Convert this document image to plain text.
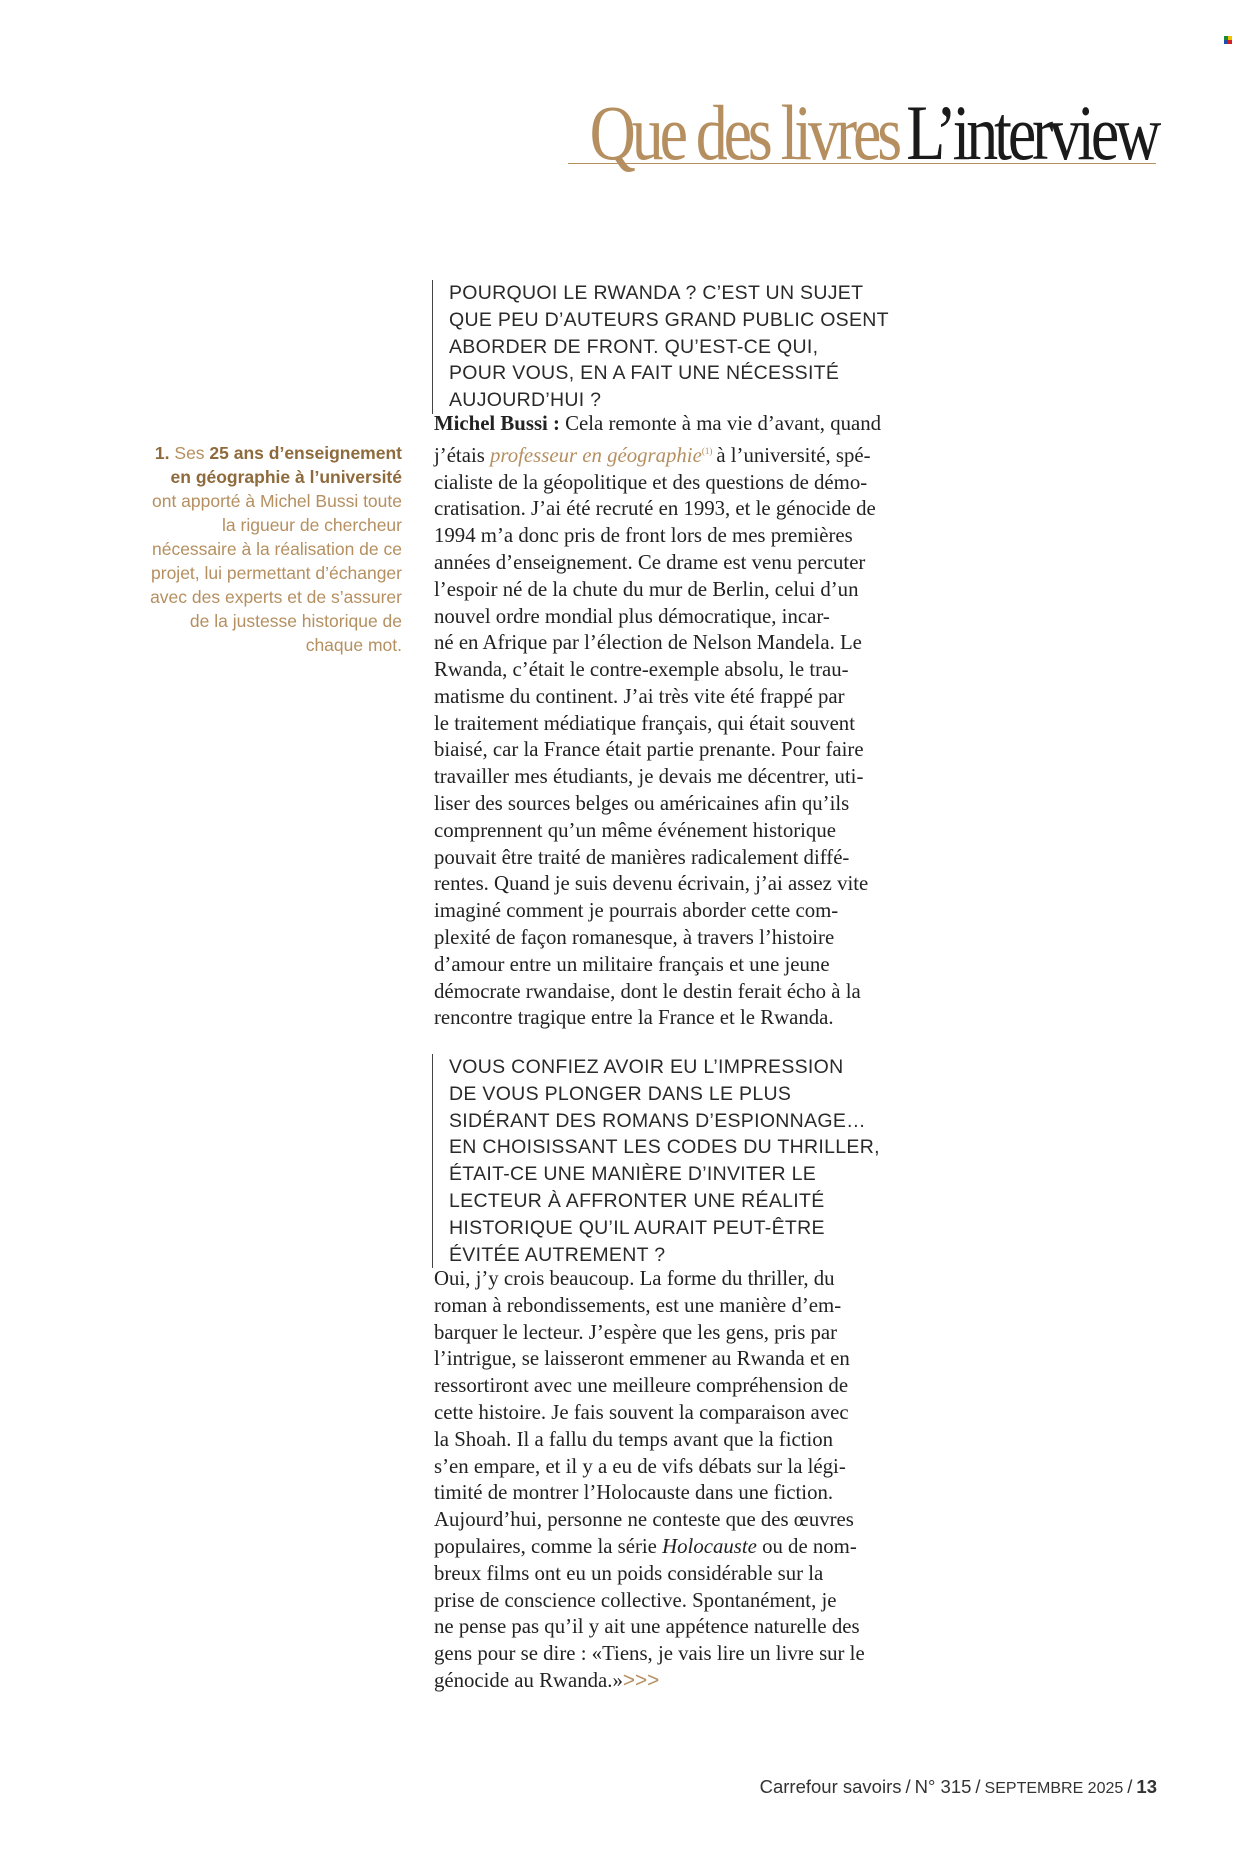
Que des livres L’interview
1. Ses 25 ans d’enseignement en géographie à l’université
ont apporté à Michel Bussi toute la rigueur de chercheur nécessaire à la réalisation de ce projet, lui permettant d’échanger avec des experts et de s’assurer de la justesse historique de chaque mot.
POURQUOI LE RWANDA ? C’EST UN SUJET
QUE PEU D’AUTEURS GRAND PUBLIC OSENT
ABORDER DE FRONT. QU’EST-CE QUI,
POUR VOUS, EN A FAIT UNE NÉCESSITÉ
AUJOURD’HUI ?
Michel Bussi : Cela remonte à ma vie d’avant, quand
j’étais professeur en géographie$^{(1)}$ à l’université, spé-
cialiste de la géopolitique et des questions de démo-
cratisation. J’ai été recruté en 1993, et le génocide de
1994 m’a donc pris de front lors de mes premières
années d’enseignement. Ce drame est venu percuter
l’espoir né de la chute du mur de Berlin, celui d’un
nouvel ordre mondial plus démocratique, incar-
né en Afrique par l’élection de Nelson Mandela. Le
Rwanda, c’était le contre-exemple absolu, le trau-
matisme du continent. J’ai très vite été frappé par
le traitement médiatique français, qui était souvent
biaisé, car la France était partie prenante. Pour faire
travailler mes étudiants, je devais me décentrer, uti-
liser des sources belges ou américaines afin qu’ils
comprennent qu’un même événement historique
pouvait être traité de manières radicalement diffé-
rentes. Quand je suis devenu écrivain, j’ai assez vite
imaginé comment je pourrais aborder cette com-
plexité de façon romanesque, à travers l’histoire
d’amour entre un militaire français et une jeune
démocrate rwandaise, dont le destin ferait écho à la
rencontre tragique entre la France et le Rwanda.
VOUS CONFIEZ AVOIR EU L’IMPRESSION
DE VOUS PLONGER DANS LE PLUS
SIDÉRANT DES ROMANS D’ESPIONNAGE…
EN CHOISISSANT LES CODES DU THRILLER,
ÉTAIT-CE UNE MANIÈRE D’INVITER LE
LECTEUR À AFFRONTER UNE RÉALITÉ
HISTORIQUE QU’IL AURAIT PEUT-ÊTRE
ÉVITÉE AUTREMENT ?
Oui, j’y crois beaucoup. La forme du thriller, du
roman à rebondissements, est une manière d’em-
barquer le lecteur. J’espère que les gens, pris par
l’intrigue, se laisseront emmener au Rwanda et en
ressortiront avec une meilleure compréhension de
cette histoire. Je fais souvent la comparaison avec
la Shoah. Il a fallu du temps avant que la fiction
s’en empare, et il y a eu de vifs débats sur la légi-
timité de montrer l’Holocauste dans une fiction.
Aujourd’hui, personne ne conteste que des œuvres
populaires, comme la série Holocauste ou de nom-
breux films ont eu un poids considérable sur la
prise de conscience collective. Spontanément, je
ne pense pas qu’il y ait une appétence naturelle des
gens pour se dire : «Tiens, je vais lire un livre sur le
génocide au Rwanda.» >>>
Carrefour savoirs / N° 315 / SEPTEMBRE 2025 / 13
